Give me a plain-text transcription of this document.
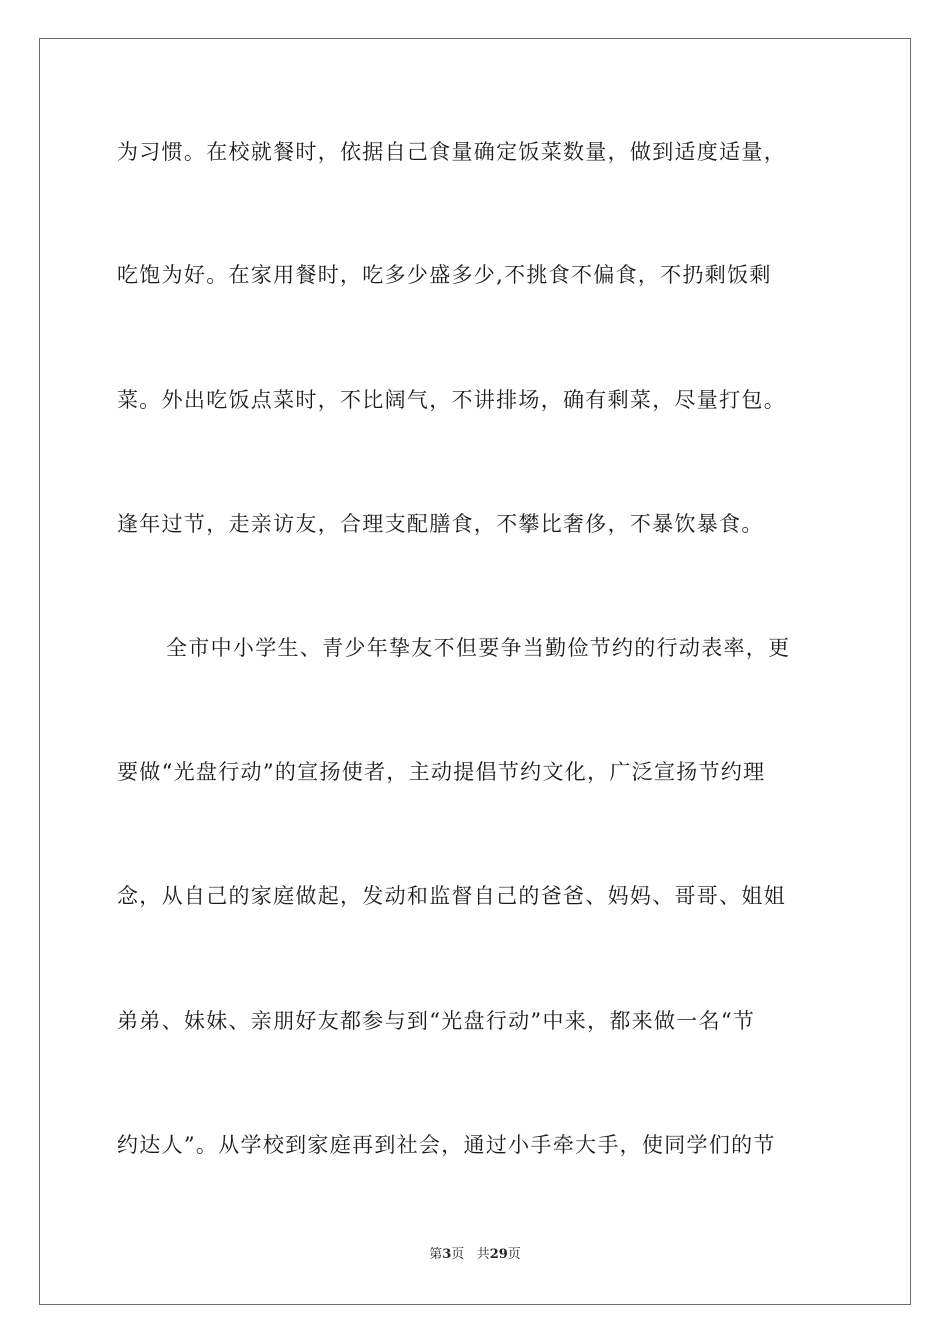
为习惯。在校就餐时，依据自己食量确定饭菜数量，做到适度适量，
吃饱为好。在家用餐时，吃多少盛多少,不挑食不偏食，不扔剩饭剩
菜。外出吃饭点菜时，不比阔气，不讲排场，确有剩菜，尽量打包。
逢年过节，走亲访友，合理支配膳食，不攀比奢侈，不暴饮暴食。
全市中小学生、青少年挚友不但要争当勤俭节约的行动表率，更
要做“光盘行动”的宣扬使者，主动提倡节约文化，广泛宣扬节约理
念，从自己的家庭做起，发动和监督自己的爸爸、妈妈、哥哥、姐姐
弟弟、妹妹、亲朋好友都参与到“光盘行动”中来，都来做一名“节
约达人”。从学校到家庭再到社会，通过小手牵大手，使同学们的节
第3页 共29页
